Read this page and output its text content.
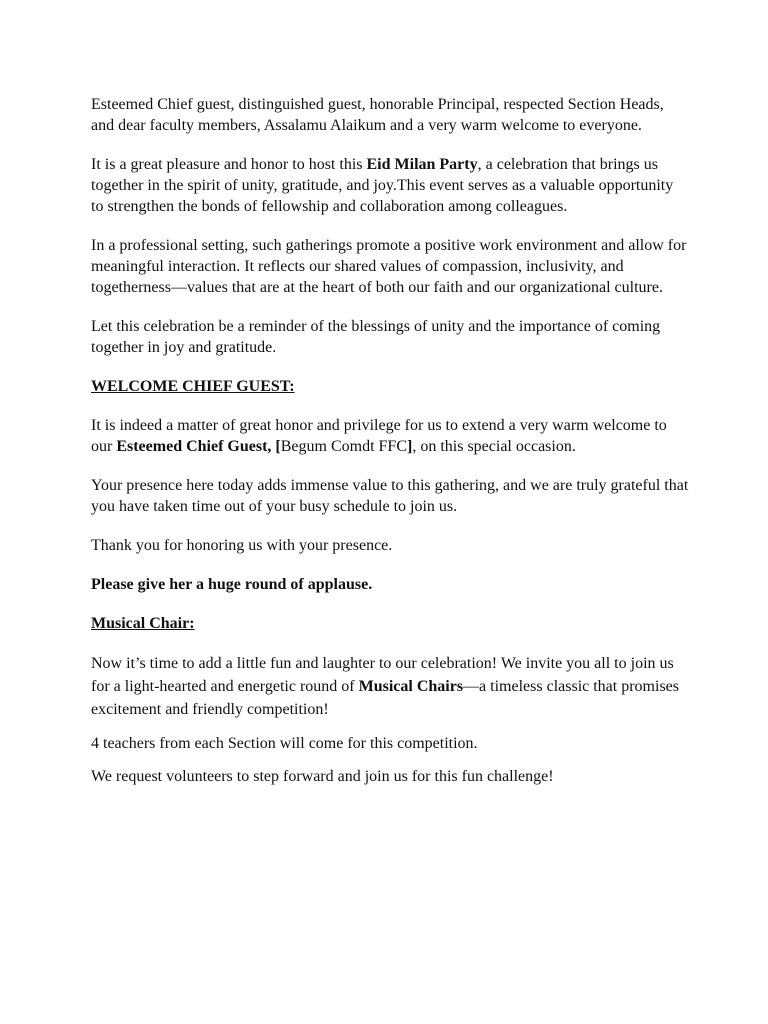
Esteemed Chief guest, distinguished guest, honorable Principal, respected Section Heads, and dear faculty members, Assalamu Alaikum and a very warm welcome to everyone.

It is a great pleasure and honor to host this Eid Milan Party, a celebration that brings us together in the spirit of unity, gratitude, and joy.This event serves as a valuable opportunity to strengthen the bonds of fellowship and collaboration among colleagues.

In a professional setting, such gatherings promote a positive work environment and allow for meaningful interaction. It reflects our shared values of compassion, inclusivity, and togetherness—values that are at the heart of both our faith and our organizational culture.

Let this celebration be a reminder of the blessings of unity and the importance of coming together in joy and gratitude.

WELCOME CHIEF GUEST:

It is indeed a matter of great honor and privilege for us to extend a very warm welcome to our Esteemed Chief Guest, [Begum Comdt FFC], on this special occasion.

Your presence here today adds immense value to this gathering, and we are truly grateful that you have taken time out of your busy schedule to join us.

Thank you for honoring us with your presence.

Please give her a huge round of applause.

Musical Chair:

Now it’s time to add a little fun and laughter to our celebration! We invite you all to join us for a light-hearted and energetic round of Musical Chairs—a timeless classic that promises excitement and friendly competition!

4 teachers from each Section will come for this competition.

We request volunteers to step forward and join us for this fun challenge!
